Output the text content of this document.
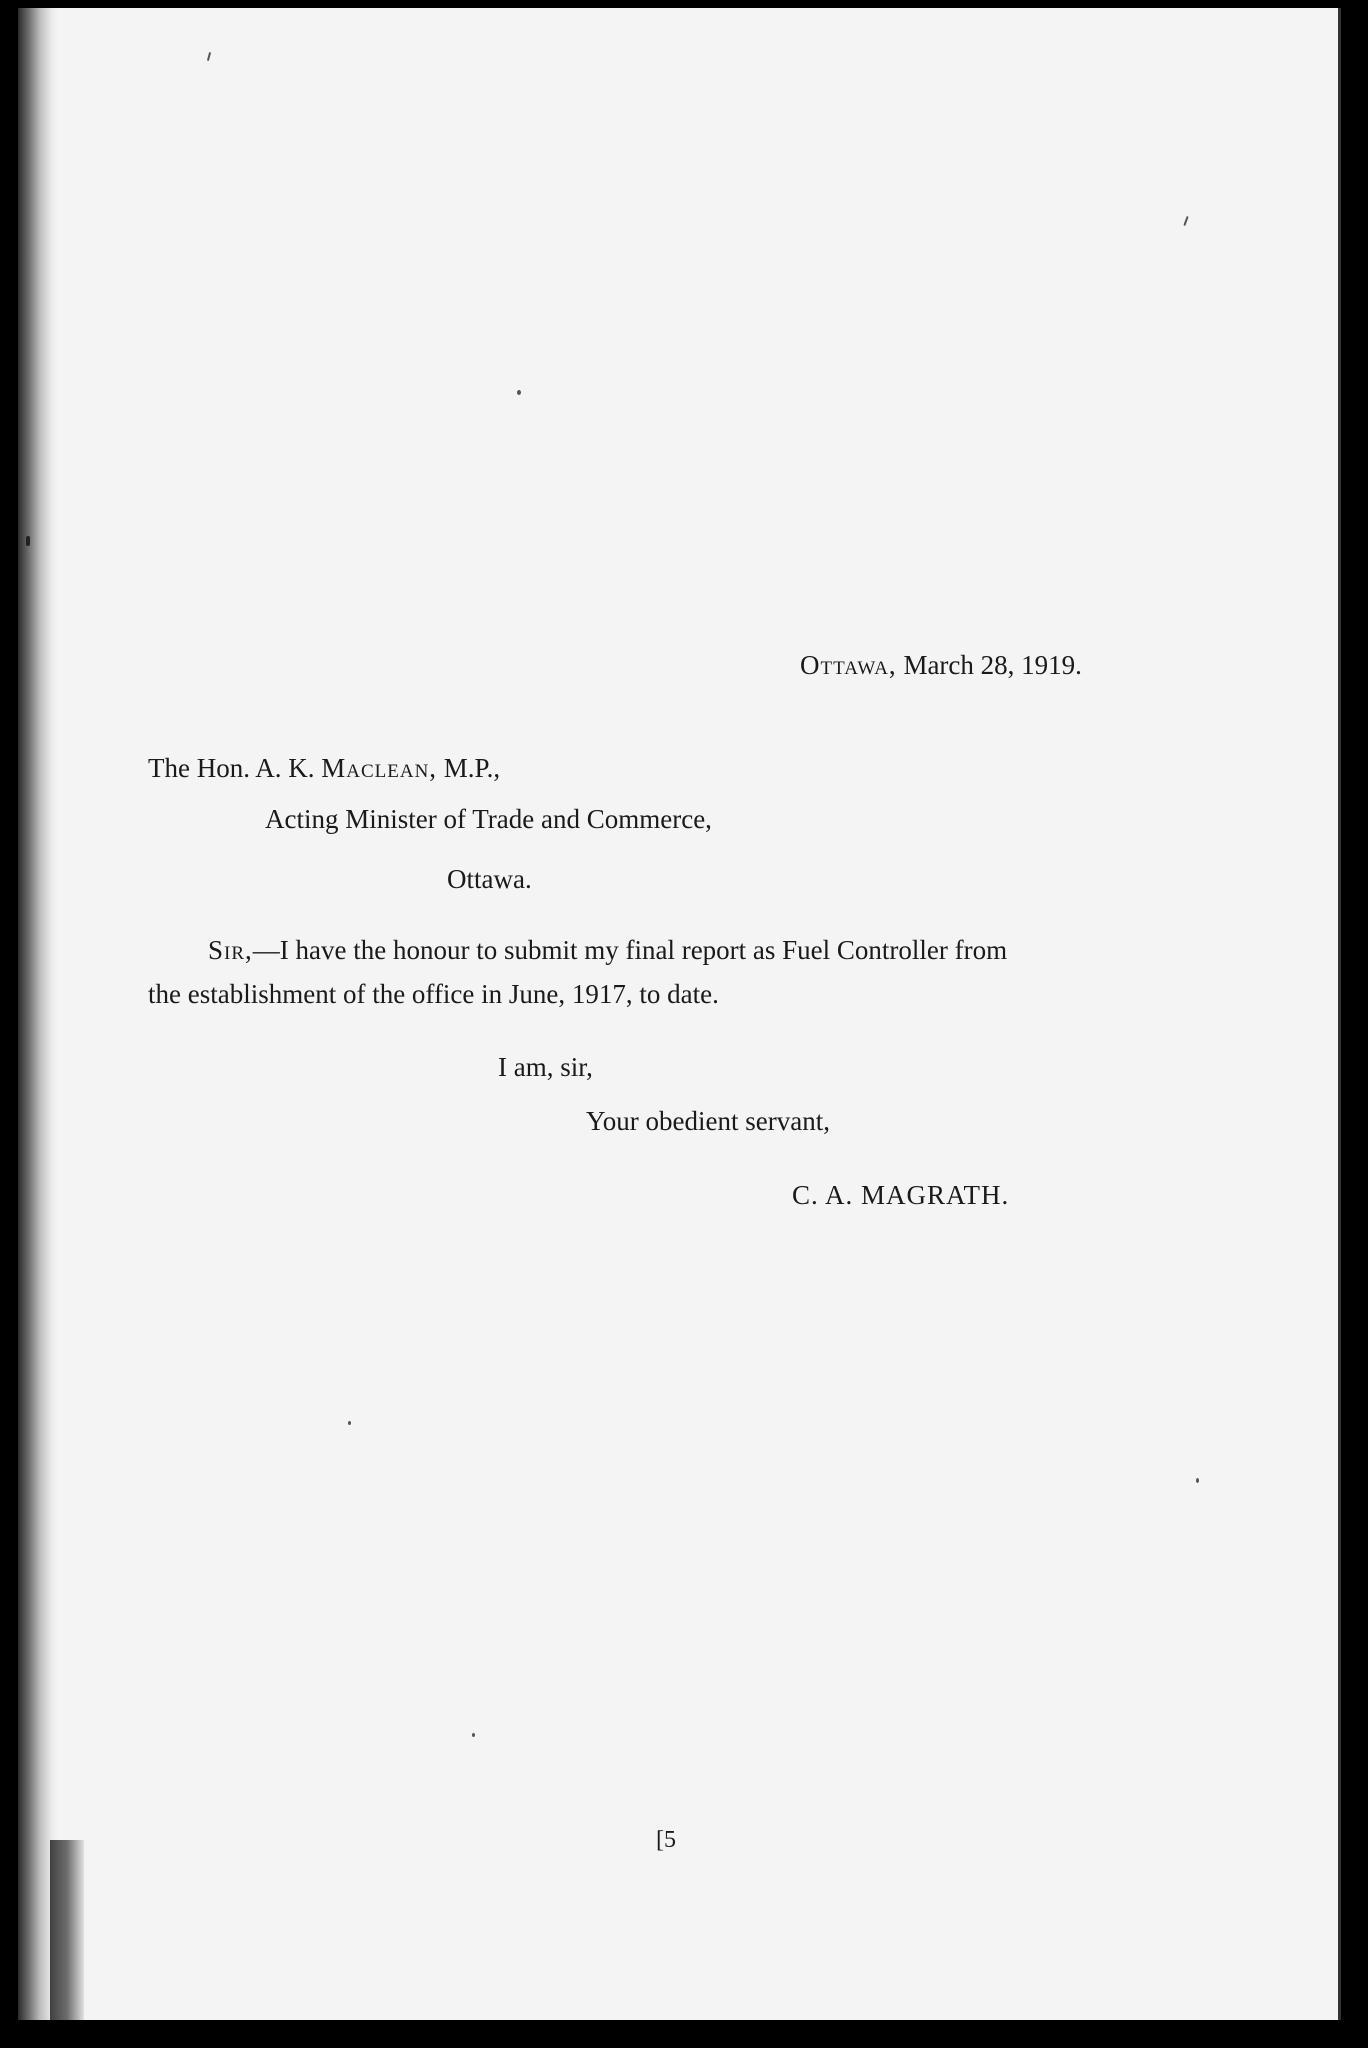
Ottawa, March 28, 1919.
The Hon. A. K. Maclean, M.P.,
Acting Minister of Trade and Commerce,
Ottawa.
Sir,—I have the honour to submit my final report as Fuel Controller from
the establishment of the office in June, 1917, to date.
I am, sir,
Your obedient servant,
C. A. MAGRATH.
[5
